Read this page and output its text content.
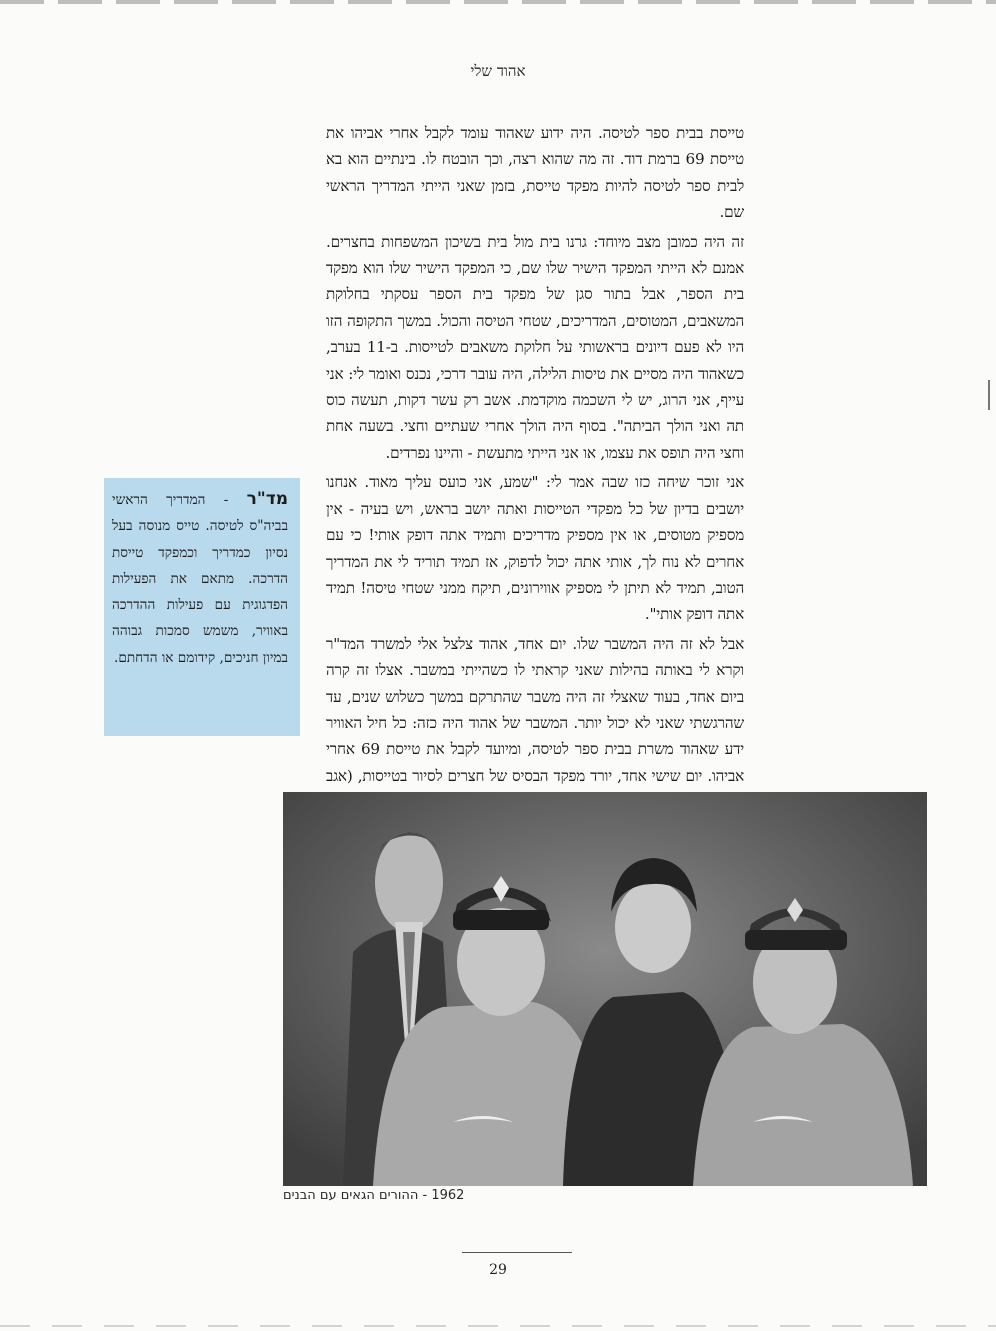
אהוד שלי

טייסת בבית ספר לטיסה. היה ידוע שאהוד עומד לקבל אחרי אביהו את טייסת 69 ברמת דוד. זה מה שהוא רצה, וכך הובטח לו. בינתיים הוא בא לבית ספר לטיסה להיות מפקד טייסת, בזמן שאני הייתי המדריך הראשי שם.

זה היה כמובן מצב מיוחד: גרנו בית מול בית בשיכון המשפחות בחצרים. אמנם לא הייתי המפקד הישיר שלו שם, כי המפקד הישיר שלו הוא מפקד בית הספר, אבל בתור סגן של מפקד בית הספר עסקתי בחלוקת המשאבים, המטוסים, המדריכים, שטחי הטיסה והכול. במשך התקופה הזו היו לא פעם דיונים בראשותי על חלוקת משאבים לטייסות. ב-11 בערב, כשאהוד היה מסיים את טיסות הלילה, היה עובר דרכי, נכנס ואומר לי: אני עייף, אני הרוג, יש לי השכמה מוקדמת. אשב רק עשר דקות, תעשה כוס תה ואני הולך הביתה". בסוף היה הולך אחרי שעתיים וחצי. בשעה אחת וחצי היה תופס את עצמו, או אני הייתי מתעשת - והיינו נפרדים.

אני זוכר שיחה כזו שבה אמר לי: "שמע, אני כועס עליך מאוד. אנחנו יושבים בדיון של כל מפקדי הטייסות ואתה יושב בראש, ויש בעיה - אין מספיק מטוסים, או אין מספיק מדריכים ותמיד אתה דופק אותי! כי עם אחרים לא נוח לך, אותי אתה יכול לדפוק, אז תמיד תוריד לי את המדריך הטוב, תמיד לא תיתן לי מספיק אווירונים, תיקח ממני שטחי טיסה! תמיד אתה דופק אותי".

אבל לא זה היה המשבר שלו. יום אחד, אהוד צלצל אלי למשרד המד"ר וקרא לי באותה בהילות שאני קראתי לו כשהייתי במשבר. אצלו זה קרה ביום אחד, בעוד שאצלי זה היה משבר שהתרקם במשך כשלוש שנים, עד שהרגשתי שאני לא יכול יותר. המשבר של אהוד היה כזה: כל חיל האוויר ידע שאהוד משרת בבית ספר לטיסה, ומיועד לקבל את טייסת 69 אחרי אביהו. יום שישי אחד, יורד מפקד הבסיס של חצרים לסיור בטייסות, (אגב

מד"ר - המדריך הראשי בביה"ס לטיסה. טייס מנוסה בעל נסיון כמדריך וכמפקד טייסת הדרכה. מתאם את הפעילות הפדגוגית עם פעילות ההדרכה באוויר, משמש סמכות גבוהה במיון חניכים, קידומם או הדחתם.
1962 - ההורים הגאים עם הבנים
29
